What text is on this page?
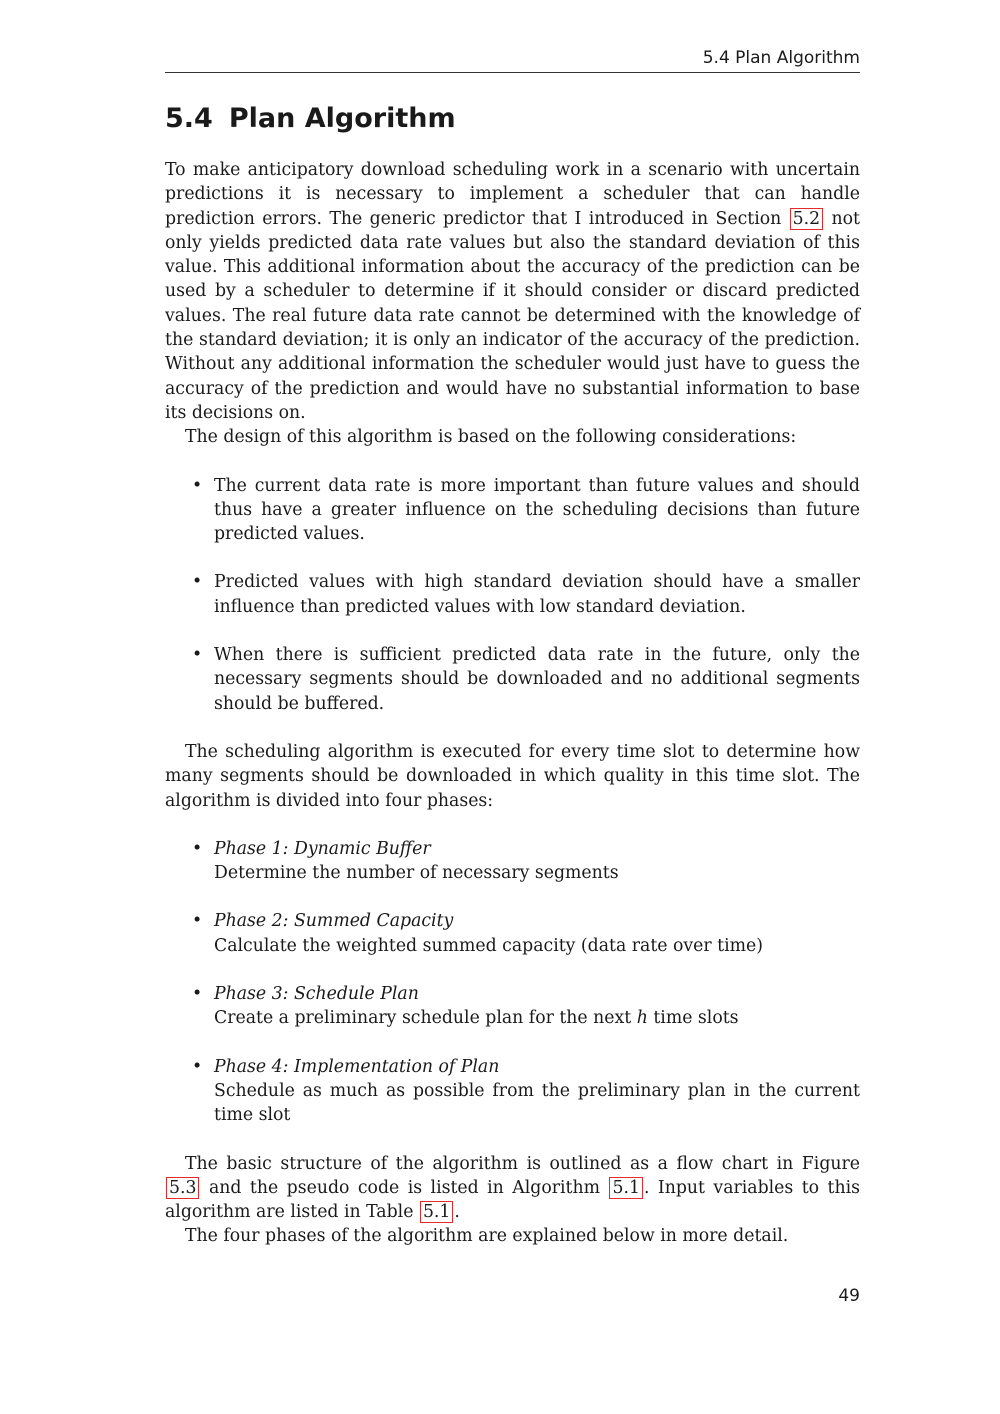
5.4 Plan Algorithm
5.4 Plan Algorithm

To make anticipatory download scheduling work in a scenario with uncertain predictions it is necessary to implement a scheduler that can handle prediction errors. The generic predictor that I introduced in Section 5.2 not only yields predicted data rate values but also the standard deviation of this value. This additional information about the accuracy of the prediction can be used by a scheduler to determine if it should consider or discard predicted values. The real future data rate cannot be determined with the knowledge of the standard deviation; it is only an indicator of the accuracy of the prediction. Without any additional information the scheduler would just have to guess the accuracy of the prediction and would have no substantial information to base its decisions on.

The design of this algorithm is based on the following considerations:

• The current data rate is more important than future values and should thus have a greater influence on the scheduling decisions than future predicted values.
• Predicted values with high standard deviation should have a smaller influence than predicted values with low standard deviation.
• When there is sufficient predicted data rate in the future, only the necessary segments should be downloaded and no additional segments should be buffered.

The scheduling algorithm is executed for every time slot to determine how many segments should be downloaded in which quality in this time slot. The algorithm is divided into four phases:

• Phase 1: Dynamic Buffer
Determine the number of necessary segments
• Phase 2: Summed Capacity
Calculate the weighted summed capacity (data rate over time)
• Phase 3: Schedule Plan
Create a preliminary schedule plan for the next h time slots
• Phase 4: Implementation of Plan
Schedule as much as possible from the preliminary plan in the current time slot

The basic structure of the algorithm is outlined as a flow chart in Figure 5.3 and the pseudo code is listed in Algorithm 5.1 . Input variables to this algorithm are listed in Table 5.1 .

The four phases of the algorithm are explained below in more detail.

49
